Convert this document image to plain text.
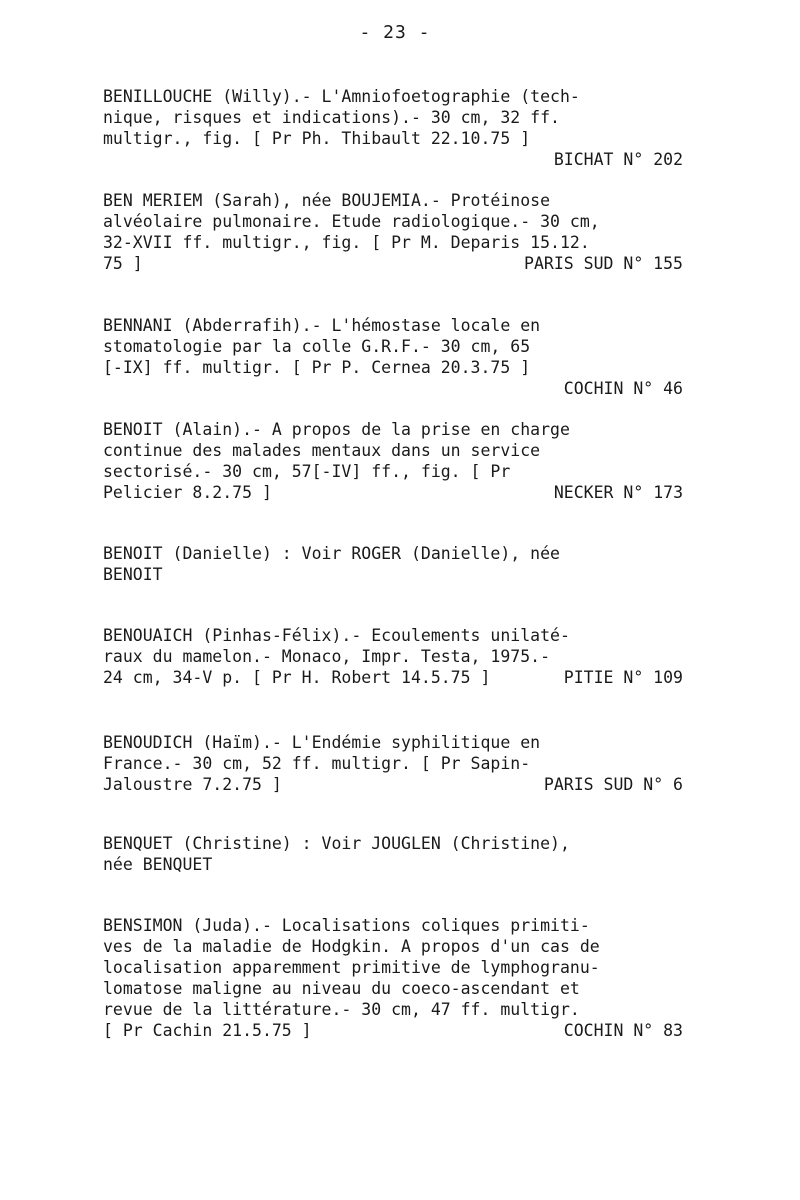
- 23 -
BENILLOUCHE (Willy).- L'Amniofoetographie (tech-
nique, risques et indications).- 30 cm, 32 ff.
multigr., fig. [ Pr Ph. Thibault 22.10.75 ]
BICHAT N° 202
BEN MERIEM (Sarah), née BOUJEMIA.- Protéinose
alvéolaire pulmonaire. Etude radiologique.- 30 cm,
32-XVII ff. multigr., fig. [ Pr M. Deparis 15.12.
75 ]	PARIS SUD N° 155
BENNANI (Abderrafih).- L'hémostase locale en
stomatologie par la colle G.R.F.- 30 cm, 65
[-IX] ff. multigr. [ Pr P. Cernea 20.3.75 ]
COCHIN N° 46
BENOIT (Alain).- A propos de la prise en charge
continue des malades mentaux dans un service
sectorisé.- 30 cm, 57[-IV] ff., fig. [ Pr
Pelicier 8.2.75 ]	NECKER N° 173
BENOIT (Danielle) : Voir ROGER (Danielle), née
BENOIT
BENOUAICH (Pinhas-Félix).- Ecoulements unilaté-
raux du mamelon.- Monaco, Impr. Testa, 1975.-
24 cm, 34-V p. [ Pr H. Robert 14.5.75 ]	PITIE N° 109
BENOUDICH (Haïm).- L'Endémie syphilitique en
France.- 30 cm, 52 ff. multigr. [ Pr Sapin-
Jaloustre 7.2.75 ]	PARIS SUD N° 6
BENQUET (Christine) : Voir JOUGLEN (Christine),
née BENQUET
BENSIMON (Juda).- Localisations coliques primiti-
ves de la maladie de Hodgkin. A propos d'un cas de
localisation apparemment primitive de lymphogranu-
lomatose maligne au niveau du coeco-ascendant et
revue de la littérature.- 30 cm, 47 ff. multigr.
[ Pr Cachin 21.5.75 ]	COCHIN N° 83
